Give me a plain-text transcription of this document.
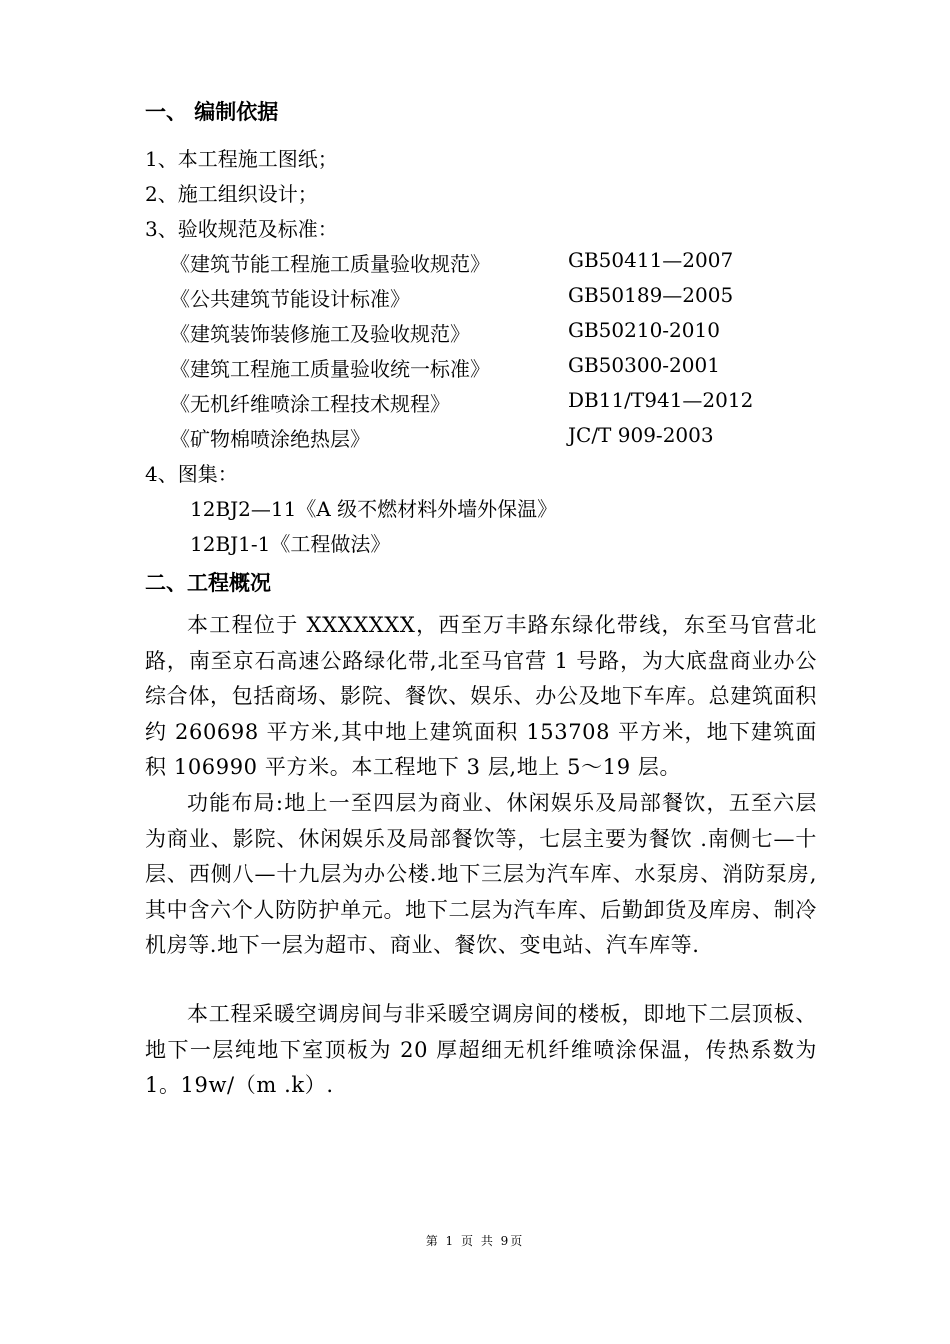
一、 编制依据
1、本工程施工图纸；
2、施工组织设计；
3、验收规范及标准：
《建筑节能工程施工质量验收规范》	GB50411—2007
《公共建筑节能设计标准》	GB50189—2005
《建筑装饰装修施工及验收规范》	GB50210-2010
《建筑工程施工质量验收统一标准》	GB50300-2001
《无机纤维喷涂工程技术规程》	DB11/T941—2012
《矿物棉喷涂绝热层》	JC/T 909-2003
4、图集：
12BJ2—11《A 级不燃材料外墙外保温》
12BJ1-1《工程做法》
二、工程概况
本工程位于 XXXXXXX，西至万丰路东绿化带线，东至马官营北路，南至京石高速公路绿化带,北至马官营 1 号路，为大底盘商业办公综合体，包括商场、影院、餐饮、娱乐、办公及地下车库。总建筑面积约 260698 平方米,其中地上建筑面积 153708 平方米，地下建筑面积 106990 平方米。本工程地下 3 层,地上 5～19 层。
功能布局:地上一至四层为商业、休闲娱乐及局部餐饮，五至六层为商业、影院、休闲娱乐及局部餐饮等，七层主要为餐饮 .南侧七—十层、西侧八—十九层为办公楼.地下三层为汽车库、水泵房、消防泵房,其中含六个人防防护单元。地下二层为汽车库、后勤卸货及库房、制冷机房等.地下一层为超市、商业、餐饮、变电站、汽车库等.
本工程采暖空调房间与非采暖空调房间的楼板，即地下二层顶板、地下一层纯地下室顶板为 20 厚超细无机纤维喷涂保温，传热系数为 1。19w/（m .k）.
第 1 页 共 9页
